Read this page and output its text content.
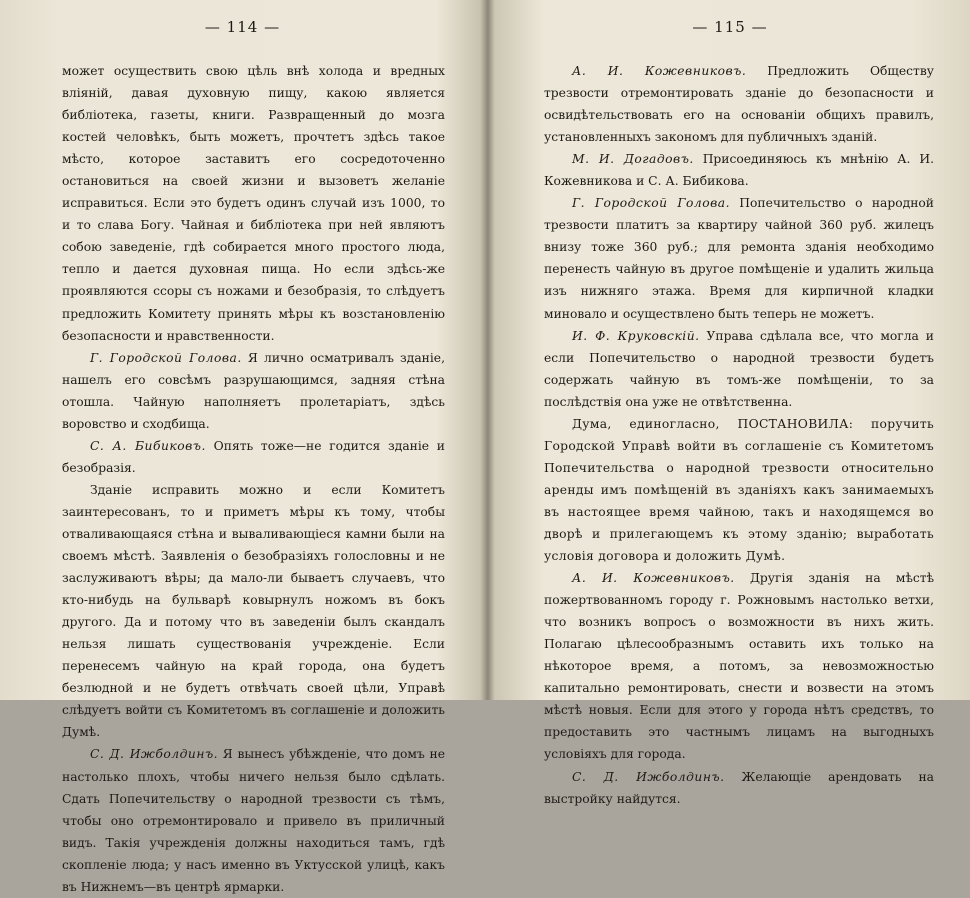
— 114 —

может осуществить свою цѣль внѣ холода и вредных вліяній, давая духовную пищу, какою является библіотека, газеты, книги. Развращенный до мозга костей человѣкъ, быть можетъ, прочтетъ здѣсь такое мѣсто, которое заставитъ его сосредоточенно остановиться на своей жизни и вызоветъ желаніе исправиться. Если это будетъ одинъ случай изъ 1000, то и то слава Богу. Чайная и библіотека при ней являютъ собою заведеніе, гдѣ собирается много простого люда, тепло и дается духовная пища. Но если здѣсь-же проявляются ссоры съ ножами и безобразія, то слѣдуетъ предложить Комитету принять мѣры къ возстановленію безопасности и нравственности.

Г. Городской Голова. Я лично осматривалъ зданіе, нашелъ его совсѣмъ разрушающимся, задняя стѣна отошла. Чайную наполняетъ пролетаріатъ, здѣсь воровство и сходбища.

С. А. Бибиковъ. Опять тоже—не годится зданіе и безобразія.

Зданіе исправить можно и если Комитетъ заинтересованъ, то и приметъ мѣры къ тому, чтобы отваливающаяся стѣна и вываливающіеся камни были на своемъ мѣстѣ. Заявленія о безобразіяхъ голословны и не заслуживаютъ вѣры; да мало-ли бываетъ случаевъ, что кто-нибудь на бульварѣ ковырнулъ ножомъ въ бокъ другого. Да и потому что въ заведеніи былъ скандалъ нельзя лишать существованія учрежденіе. Если перенесемъ чайную на край города, она будетъ безлюдной и не будетъ отвѣчать своей цѣли, Управѣ слѣдуетъ войти съ Комитетомъ въ соглашеніе и доложить Думѣ.

С. Д. Ижболдинъ. Я вынесъ убѣжденіе, что домъ не настолько плохъ, чтобы ничего нельзя было сдѣлать. Сдать Попечительству о народной трезвости съ тѣмъ, чтобы оно отремонтировало и привело въ приличный видъ. Такія учрежденія должны находиться тамъ, гдѣ скопленіе люда; у насъ именно въ Уктусской улицѣ, какъ въ Нижнемъ—въ центрѣ ярмарки.

— 115 —

А. И. Кожевниковъ. Предложить Обществу трезвости отремонтировать зданіе до безопасности и освидѣтельствовать его на основаніи общихъ правилъ, установленныхъ закономъ для публичныхъ зданій.

М. И. Догадовъ. Присоединяюсь къ мнѣнію А. И. Кожевникова и С. А. Бибикова.

Г. Городской Голова. Попечительство о народной трезвости платитъ за квартиру чайной 360 руб. жилецъ внизу тоже 360 руб.; для ремонта зданія необходимо перенесть чайную въ другое помѣщеніе и удалить жильца изъ нижняго этажа. Время для кирпичной кладки миновало и осуществлено быть теперь не можетъ.

И. Ф. Круковскій. Управа сдѣлала все, что могла и если Попечительство о народной трезвости будетъ содержать чайную въ томъ-же помѣщеніи, то за послѣдствія она уже не отвѣтственна.

Дума, единогласно, ПОСТАНОВИЛА: поручить Городской Управѣ войти въ соглашеніе съ Комитетомъ Попечительства о народной трезвости относительно аренды имъ помѣщеній въ зданіяхъ какъ занимаемыхъ въ настоящее время чайною, такъ и находящемся во дворѣ и прилегающемъ къ этому зданію; выработать условія договора и доложить Думѣ.

А. И. Кожевниковъ. Другія зданія на мѣстѣ пожертвованномъ городу г. Рожновымъ настолько ветхи, что возникъ вопросъ о возможности въ нихъ жить. Полагаю цѣлесообразнымъ оставить ихъ только на нѣкоторое время, а потомъ, за невозможностью капитально ремонтировать, снести и возвести на этомъ мѣстѣ новыя. Если для этого у города нѣтъ средствъ, то предоставить это частнымъ лицамъ на выгодныхъ условіяхъ для города.

С. Д. Ижболдинъ. Желающіе арендовать на выстройку найдутся.
